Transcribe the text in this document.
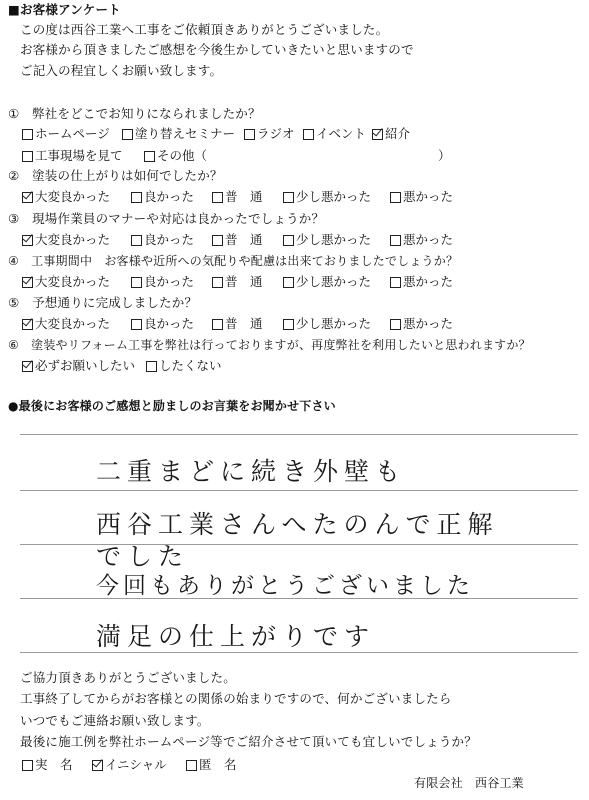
■お客様アンケート
この度は西谷工業へ工事をご依頼頂きありがとうございました。
お客様から頂きましたご感想を今後生かしていきたいと思いますので
ご記入の程宜しくお願い致します。
①　弊社をどこでお知りになられましたか？
ホームページ 塗り替えセミナー ラジオ イベント 紹介
工事現場を見て	その他（	）
②　塗装の仕上がりは如何でしたか？
大変良かった	良かった 普　通	少し悪かった	悪かった
③　現場作業員のマナーや対応は良かったでしょうか？
大変良かった	良かった 普　通	少し悪かった	悪かった
④　工事期間中　お客様や近所への気配りや配慮は出来ておりましたでしょうか？
大変良かった	良かった 普　通	少し悪かった	悪かった
⑤　予想通りに完成しましたか？
大変良かった	良かった 普　通	少し悪かった	悪かった
⑥　塗装やリフォーム工事を弊社は行っておりますが、再度弊社を利用したいと思われますか？
必ずお願いしたい したくない
●最後にお客様のご感想と励ましのお言葉をお聞かせ下さい
二重まどに続き外壁も
西谷工業さんへたのんで正解
でした
今回もありがとうございました
満足の仕上がりです
ご協力頂きありがとうございました。
工事終了してからがお客様との関係の始まりですので、何かございましたら
いつでもご連絡お願い致します。
最後に施工例を弊社ホームページ等でご紹介させて頂いても宜しいでしょうか？
実　名	イニシャル	匿　名
有限会社　西谷工業
